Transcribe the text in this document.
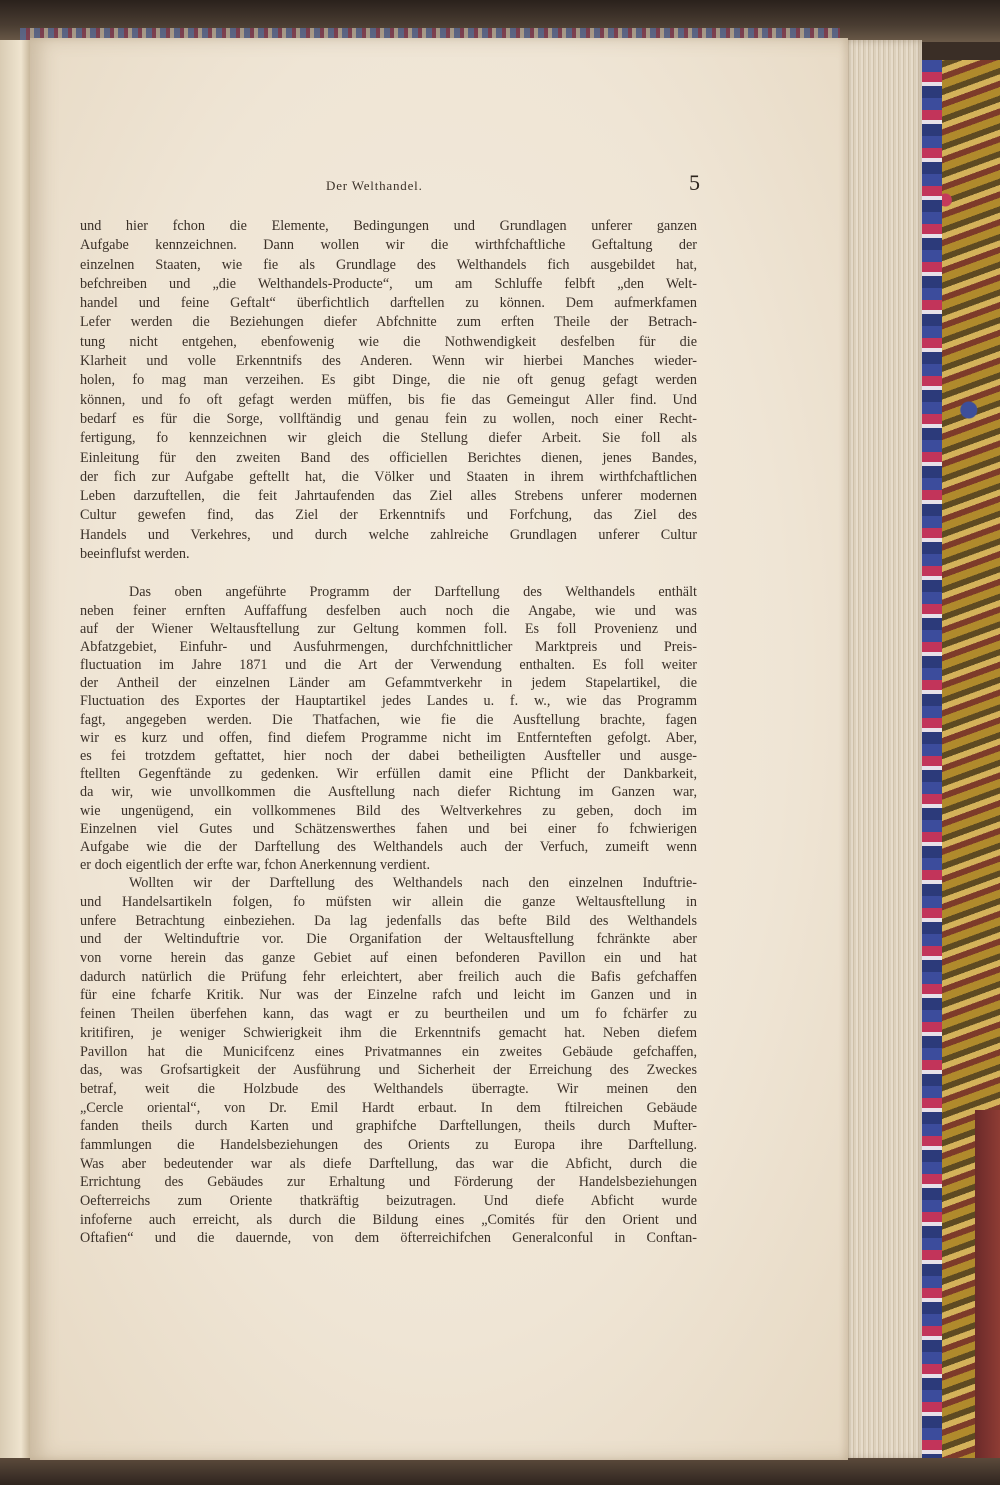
Der Welthandel.	5
und hier fchon die Elemente, Bedingungen und Grundlagen unferer ganzen
Aufgabe kennzeichnen. Dann wollen wir die wirthfchaftliche Geftaltung der
einzelnen Staaten, wie fie als Grundlage des Welthandels fich ausgebildet hat,
befchreiben und „die Welthandels-Producte“, um am Schluffe felbft „den Welt-
handel und feine Geftalt“ überfichtlich darftellen zu können. Dem aufmerkfamen
Lefer werden die Beziehungen diefer Abfchnitte zum erften Theile der Betrach-
tung nicht entgehen, ebenfowenig wie die Nothwendigkeit desfelben für die
Klarheit und volle Erkenntnifs des Anderen. Wenn wir hierbei Manches wieder-
holen, fo mag man verzeihen. Es gibt Dinge, die nie oft genug gefagt werden
können, und fo oft gefagt werden müffen, bis fie das Gemeingut Aller find. Und
bedarf es für die Sorge, vollftändig und genau fein zu wollen, noch einer Recht-
fertigung, fo kennzeichnen wir gleich die Stellung diefer Arbeit. Sie foll als
Einleitung für den zweiten Band des officiellen Berichtes dienen, jenes Bandes,
der fich zur Aufgabe geftellt hat, die Völker und Staaten in ihrem wirthfchaftlichen
Leben darzuftellen, die feit Jahrtaufenden das Ziel alles Strebens unferer modernen
Cultur gewefen find, das Ziel der Erkenntnifs und Forfchung, das Ziel des
Handels und Verkehres, und durch welche zahlreiche Grundlagen unferer Cultur
beeinflufst werden.
Das oben angeführte Programm der Darftellung des Welthandels enthält
neben feiner ernften Auffaffung desfelben auch noch die Angabe, wie und was
auf der Wiener Weltausftellung zur Geltung kommen foll. Es foll Provenienz und
Abfatzgebiet, Einfuhr- und Ausfuhrmengen, durchfchnittlicher Marktpreis und Preis-
fluctuation im Jahre 1871 und die Art der Verwendung enthalten. Es foll weiter
der Antheil der einzelnen Länder am Gefammtverkehr in jedem Stapelartikel, die
Fluctuation des Exportes der Hauptartikel jedes Landes u. f. w., wie das Programm
fagt, angegeben werden. Die Thatfachen, wie fie die Ausftellung brachte, fagen
wir es kurz und offen, find diefem Programme nicht im Entfernteften gefolgt. Aber,
es fei trotzdem geftattet, hier noch der dabei betheiligten Ausfteller und ausge-
ftellten Gegenftände zu gedenken. Wir erfüllen damit eine Pflicht der Dankbarkeit,
da wir, wie unvollkommen die Ausftellung nach diefer Richtung im Ganzen war,
wie ungenügend, ein vollkommenes Bild des Weltverkehres zu geben, doch im
Einzelnen viel Gutes und Schätzenswerthes fahen und bei einer fo fchwierigen
Aufgabe wie die der Darftellung des Welthandels auch der Verfuch, zumeift wenn
er doch eigentlich der erfte war, fchon Anerkennung verdient.
Wollten wir der Darftellung des Welthandels nach den einzelnen Induftrie-
und Handelsartikeln folgen, fo müfsten wir allein die ganze Weltausftellung in
unfere Betrachtung einbeziehen. Da lag jedenfalls das befte Bild des Welthandels
und der Weltinduftrie vor. Die Organifation der Weltausftellung fchränkte aber
von vorne herein das ganze Gebiet auf einen befonderen Pavillon ein und hat
dadurch natürlich die Prüfung fehr erleichtert, aber freilich auch die Bafis gefchaffen
für eine fcharfe Kritik. Nur was der Einzelne rafch und leicht im Ganzen und in
feinen Theilen überfehen kann, das wagt er zu beurtheilen und um fo fchärfer zu
kritifiren, je weniger Schwierigkeit ihm die Erkenntnifs gemacht hat. Neben diefem
Pavillon hat die Municifcenz eines Privatmannes ein zweites Gebäude gefchaffen,
das, was Grofsartigkeit der Ausführung und Sicherheit der Erreichung des Zweckes
betraf, weit die Holzbude des Welthandels überragte. Wir meinen den
„Cercle oriental“, von Dr. Emil Hardt erbaut. In dem ftilreichen Gebäude
fanden theils durch Karten und graphifche Darftellungen, theils durch Mufter-
fammlungen die Handelsbeziehungen des Orients zu Europa ihre Darftellung.
Was aber bedeutender war als diefe Darftellung, das war die Abficht, durch die
Errichtung des Gebäudes zur Erhaltung und Förderung der Handelsbeziehungen
Oefterreichs zum Oriente thatkräftig beizutragen. Und diefe Abficht wurde
infoferne auch erreicht, als durch die Bildung eines „Comités für den Orient und
Oftafien“ und die dauernde, von dem öfterreichifchen Generalconful in Conftan-
